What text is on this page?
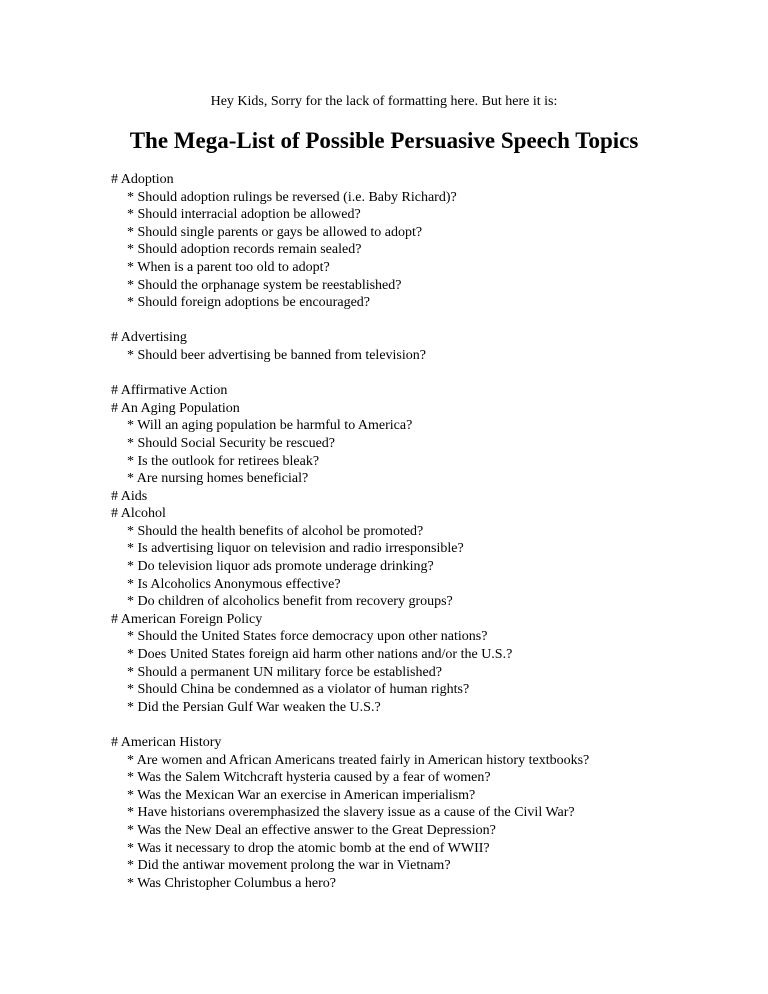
Hey Kids, Sorry for the lack of formatting here. But here it is:
The Mega-List of Possible Persuasive Speech Topics
# Adoption
* Should adoption rulings be reversed (i.e. Baby Richard)?
* Should interracial adoption be allowed?
* Should single parents or gays be allowed to adopt?
* Should adoption records remain sealed?
* When is a parent too old to adopt?
* Should the orphanage system be reestablished?
* Should foreign adoptions be encouraged?
# Advertising
* Should beer advertising be banned from television?
# Affirmative Action
# An Aging Population
* Will an aging population be harmful to America?
* Should Social Security be rescued?
* Is the outlook for retirees bleak?
* Are nursing homes beneficial?
# Aids
# Alcohol
* Should the health benefits of alcohol be promoted?
* Is advertising liquor on television and radio irresponsible?
* Do television liquor ads promote underage drinking?
* Is Alcoholics Anonymous effective?
* Do children of alcoholics benefit from recovery groups?
# American Foreign Policy
* Should the United States force democracy upon other nations?
* Does United States foreign aid harm other nations and/or the U.S.?
* Should a permanent UN military force be established?
* Should China be condemned as a violator of human rights?
* Did the Persian Gulf War weaken the U.S.?
# American History
* Are women and African Americans treated fairly in American history textbooks?
* Was the Salem Witchcraft hysteria caused by a fear of women?
* Was the Mexican War an exercise in American imperialism?
* Have historians overemphasized the slavery issue as a cause of the Civil War?
* Was the New Deal an effective answer to the Great Depression?
* Was it necessary to drop the atomic bomb at the end of WWII?
* Did the antiwar movement prolong the war in Vietnam?
* Was Christopher Columbus a hero?
